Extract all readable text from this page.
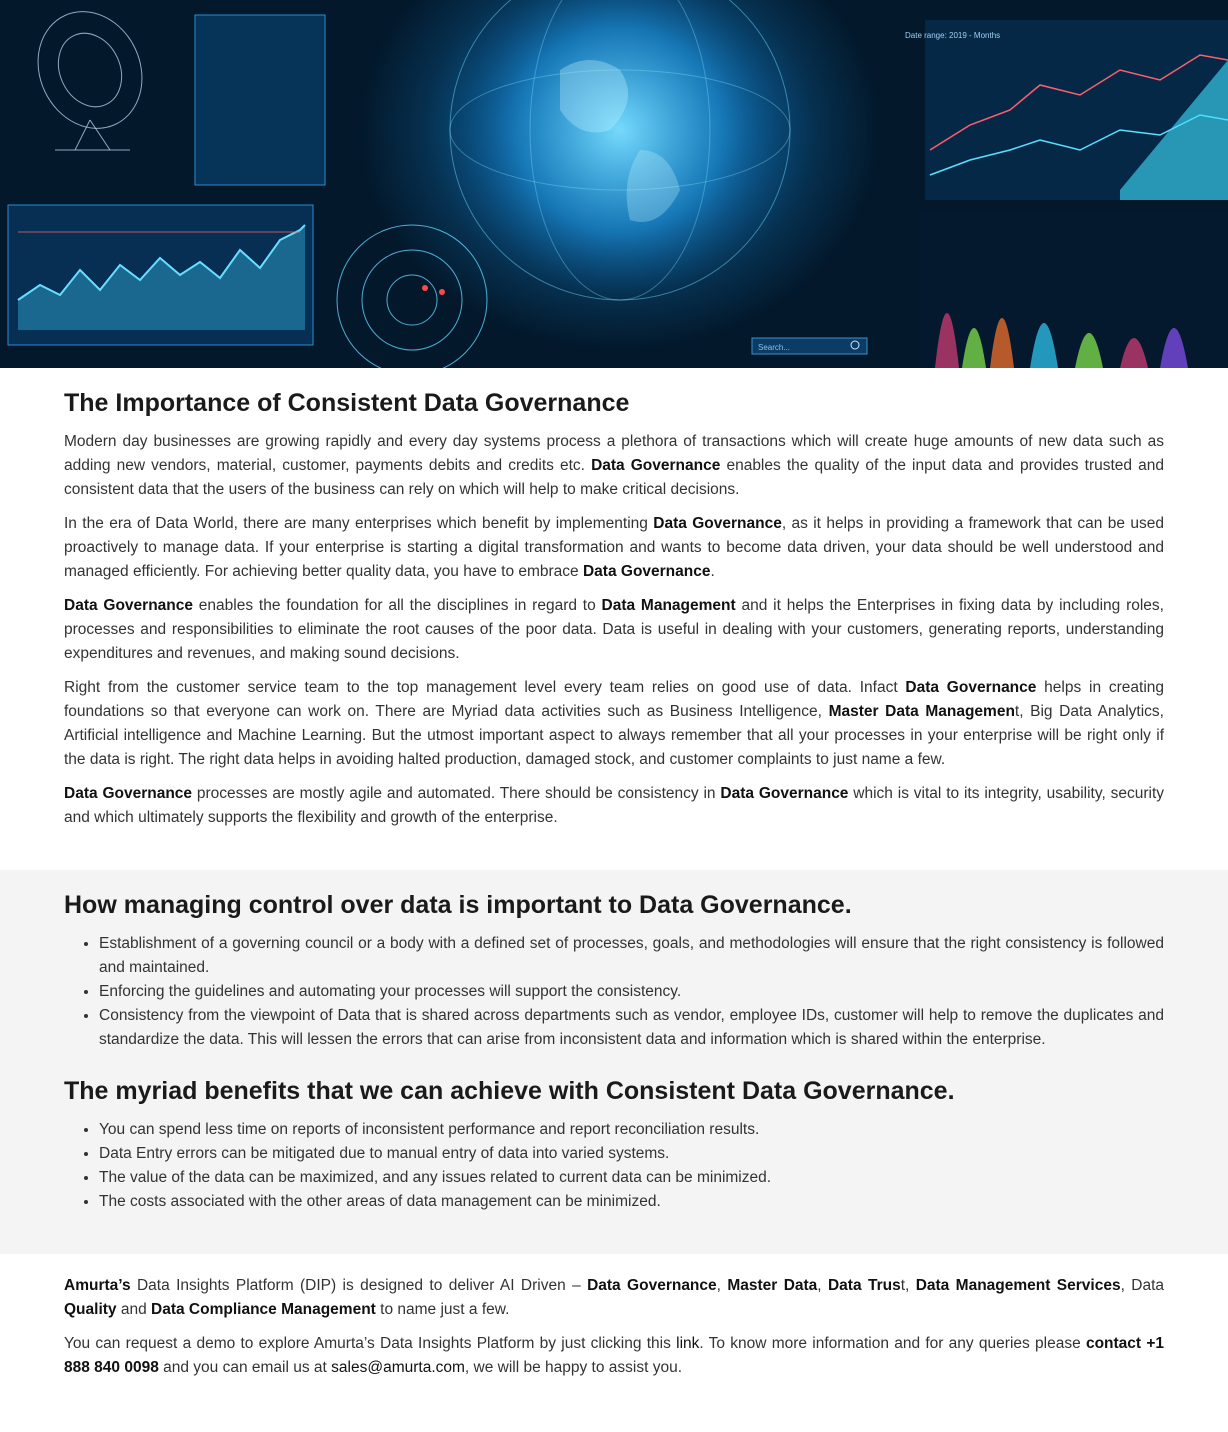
Search...
Date range: 2019 - Months
The Importance of Consistent Data Governance

Modern day businesses are growing rapidly and every day systems process a plethora of transactions which will create huge amounts of new data such as adding new vendors, material, customer, payments debits and credits etc. Data Governance enables the quality of the input data and provides trusted and consistent data that the users of the business can rely on which will help to make critical decisions.

In the era of Data World, there are many enterprises which benefit by implementing Data Governance, as it helps in providing a framework that can be used proactively to manage data. If your enterprise is starting a digital transformation and wants to become data driven, your data should be well understood and managed efficiently. For achieving better quality data, you have to embrace Data Governance.

Data Governance enables the foundation for all the disciplines in regard to Data Management and it helps the Enterprises in fixing data by including roles, processes and responsibilities to eliminate the root causes of the poor data. Data is useful in dealing with your customers, generating reports, understanding expenditures and revenues, and making sound decisions.

Right from the customer service team to the top management level every team relies on good use of data. Infact Data Governance helps in creating foundations so that everyone can work on. There are Myriad data activities such as Business Intelligence, Master Data Management, Big Data Analytics, Artificial intelligence and Machine Learning. But the utmost important aspect to always remember that all your processes in your enterprise will be right only if the data is right. The right data helps in avoiding halted production, damaged stock, and customer complaints to just name a few.

Data Governance processes are mostly agile and automated. There should be consistency in Data Governance which is vital to its integrity, usability, security and which ultimately supports the flexibility and growth of the enterprise.

How managing control over data is important to Data Governance.
• Establishment of a governing council or a body with a defined set of processes, goals, and methodologies will ensure that the right consistency is followed and maintained.
• Enforcing the guidelines and automating your processes will support the consistency.
• Consistency from the viewpoint of Data that is shared across departments such as vendor, employee IDs, customer will help to remove the duplicates and standardize the data. This will lessen the errors that can arise from inconsistent data and information which is shared within the enterprise.
The myriad benefits that we can achieve with Consistent Data Governance.
• You can spend less time on reports of inconsistent performance and report reconciliation results.
• Data Entry errors can be mitigated due to manual entry of data into varied systems.
• The value of the data can be maximized, and any issues related to current data can be minimized.
• The costs associated with the other areas of data management can be minimized.

Amurta’s Data Insights Platform (DIP) is designed to deliver AI Driven – Data Governance, Master Data, Data Trust, Data Management Services, Data Quality and Data Compliance Management to name just a few.

You can request a demo to explore Amurta’s Data Insights Platform by just clicking this link. To know more information and for any queries please contact +1 888 840 0098 and you can email us at sales@amurta.com, we will be happy to assist you.
